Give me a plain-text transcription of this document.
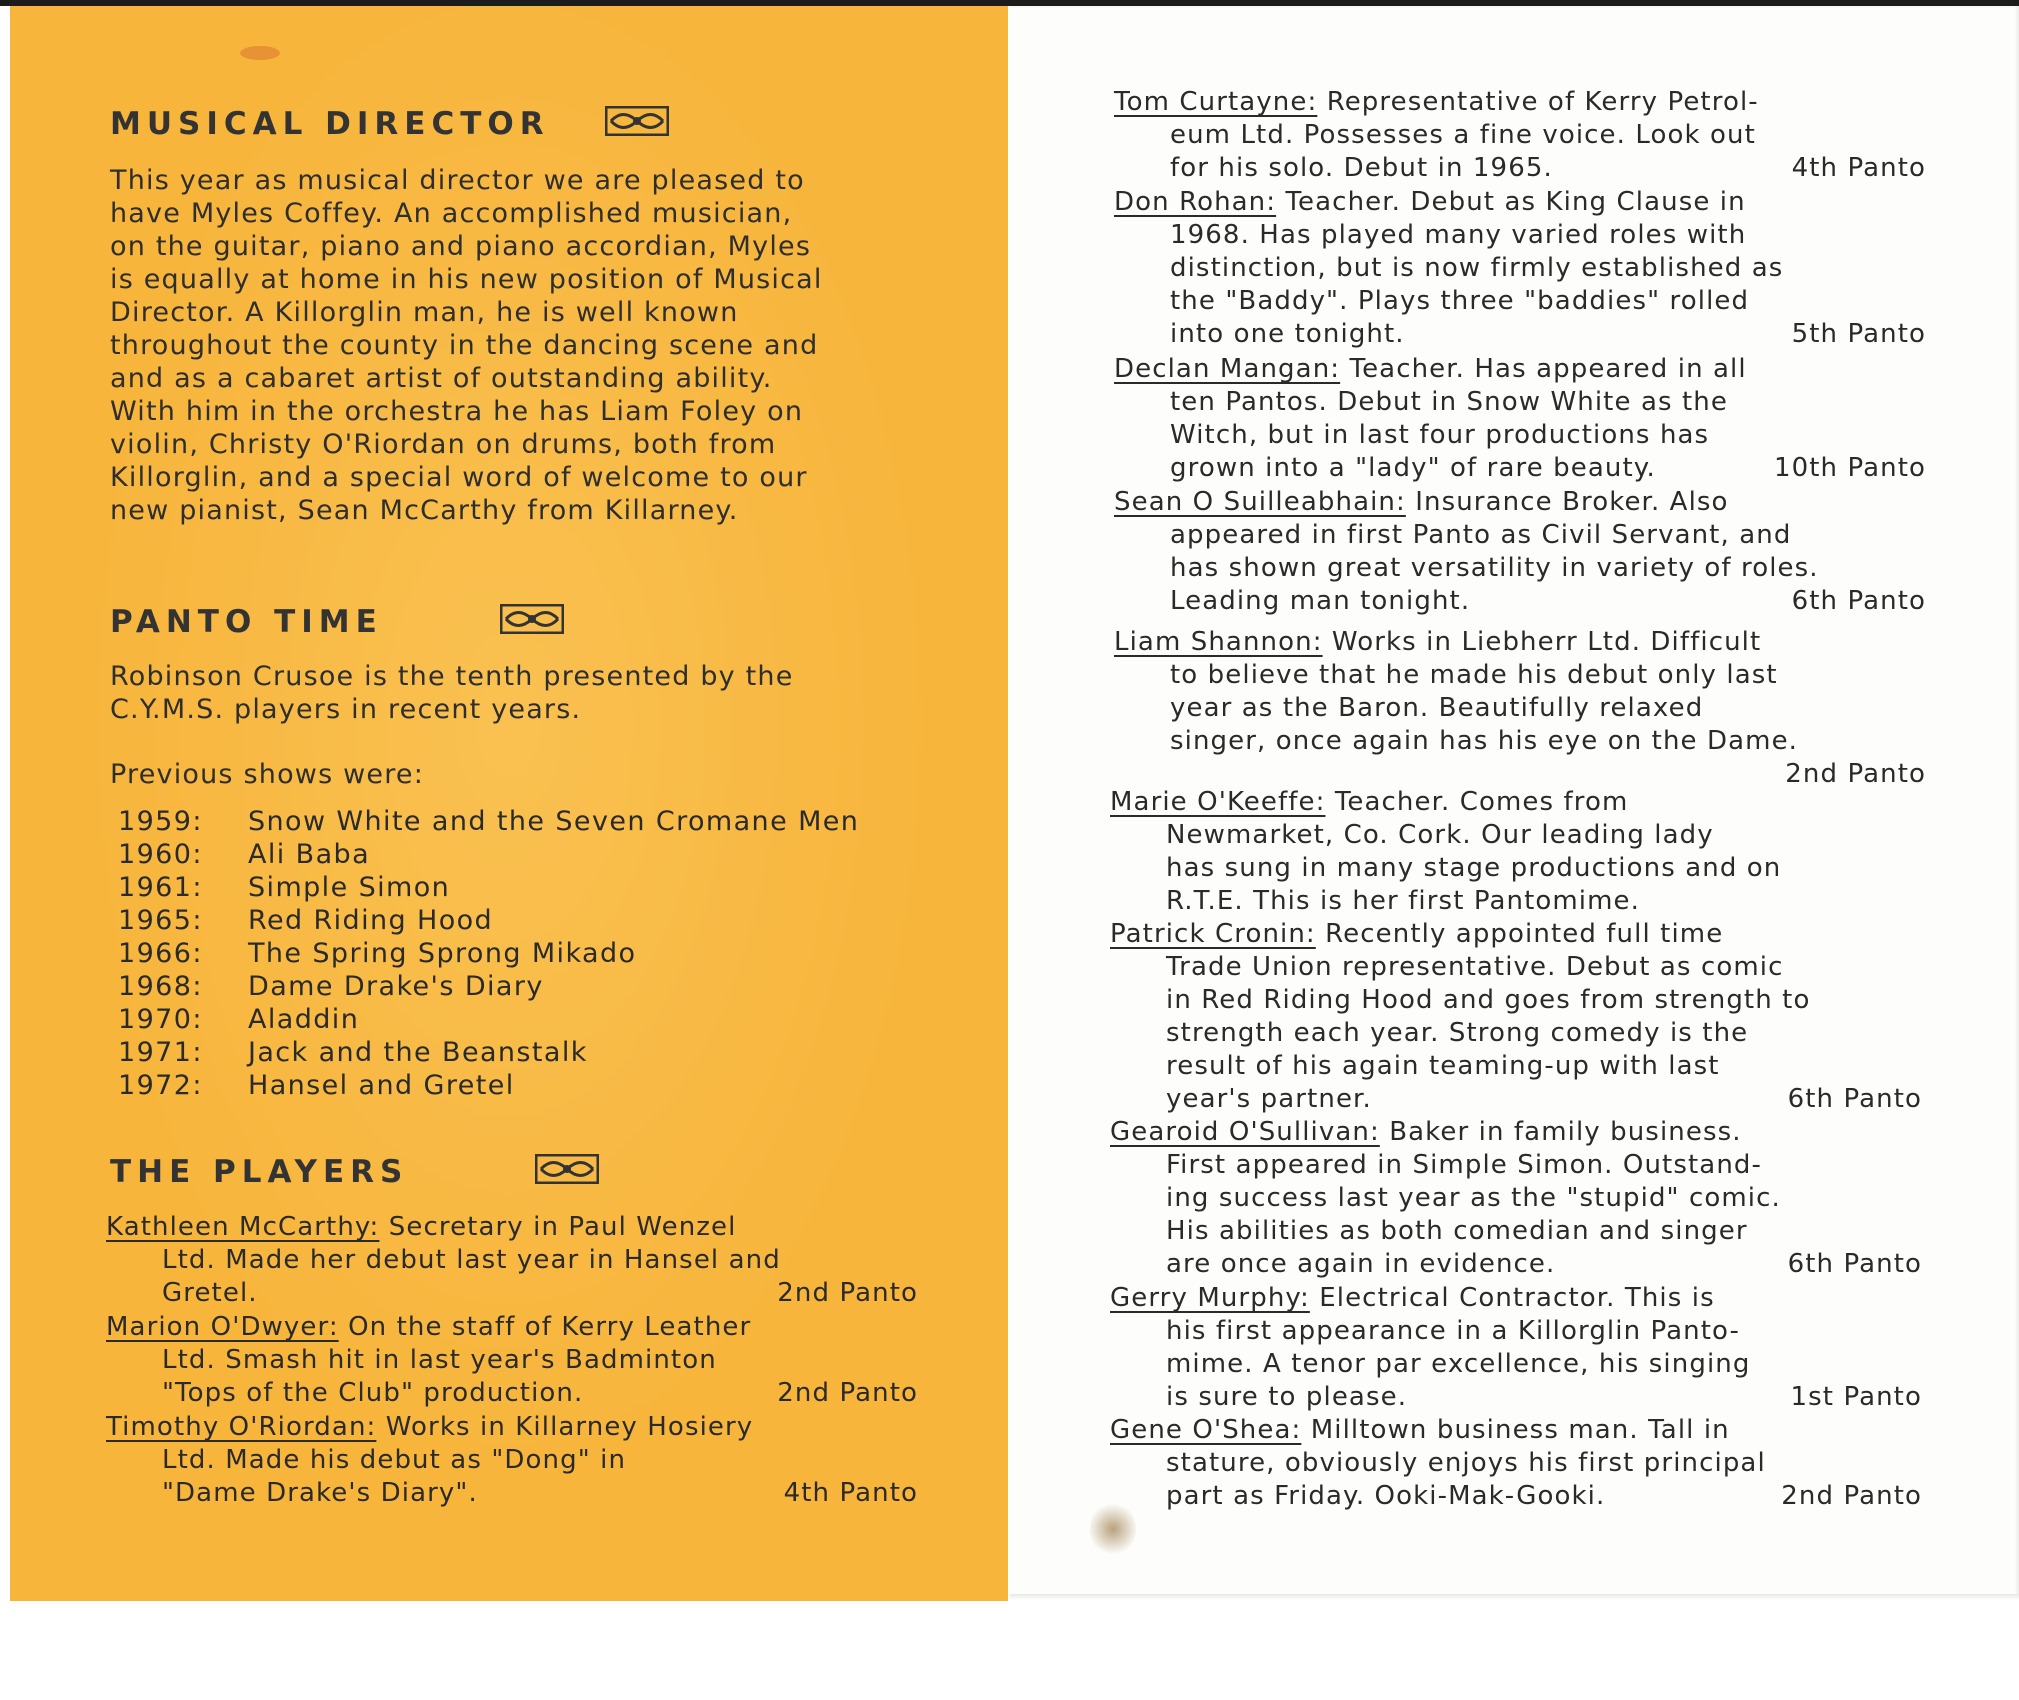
MUSICAL DIRECTOR
This year as musical director we are pleased to
have Myles Coffey. An accomplished musician,
on the guitar, piano and piano accordian, Myles
is equally at home in his new position of Musical
Director. A Killorglin man, he is well known
throughout the county in the dancing scene and
and as a cabaret artist of outstanding ability.
With him in the orchestra he has Liam Foley on
violin, Christy O'Riordan on drums, both from
Killorglin, and a special word of welcome to our
new pianist, Sean McCarthy from Killarney.
PANTO TIME
Robinson Crusoe is the tenth presented by the
C.Y.M.S. players in recent years.
Previous shows were:
1959: Snow White and the Seven Cromane Men
1960: Ali Baba
1961: Simple Simon
1965: Red Riding Hood
1966: The Spring Sprong Mikado
1968: Dame Drake's Diary
1970: Aladdin
1971: Jack and the Beanstalk
1972: Hansel and Gretel
THE PLAYERS
Kathleen McCarthy: Secretary in Paul Wenzel
Ltd. Made her debut last year in Hansel and
Gretel.	2nd Panto
Marion O'Dwyer: On the staff of Kerry Leather
Ltd. Smash hit in last year's Badminton
"Tops of the Club" production.	2nd Panto
Timothy O'Riordan: Works in Killarney Hosiery
Ltd. Made his debut as "Dong" in
"Dame Drake's Diary".	4th Panto
Tom Curtayne: Representative of Kerry Petrol-
eum Ltd. Possesses a fine voice. Look out
for his solo. Debut in 1965.	4th Panto
Don Rohan: Teacher. Debut as King Clause in
1968. Has played many varied roles with
distinction, but is now firmly established as
the "Baddy". Plays three "baddies" rolled
into one tonight.	5th Panto
Declan Mangan: Teacher. Has appeared in all
ten Pantos. Debut in Snow White as the
Witch, but in last four productions has
grown into a "lady" of rare beauty.	10th Panto
Sean O Suilleabhain: Insurance Broker. Also
appeared in first Panto as Civil Servant, and
has shown great versatility in variety of roles.
Leading man tonight.	6th Panto
Liam Shannon: Works in Liebherr Ltd. Difficult
to believe that he made his debut only last
year as the Baron. Beautifully relaxed
singer, once again has his eye on the Dame.
2nd Panto
Marie O'Keeffe: Teacher. Comes from
Newmarket, Co. Cork. Our leading lady
has sung in many stage productions and on
R.T.E. This is her first Pantomime.
Patrick Cronin: Recently appointed full time
Trade Union representative. Debut as comic
in Red Riding Hood and goes from strength to
strength each year. Strong comedy is the
result of his again teaming-up with last
year's partner.	6th Panto
Gearoid O'Sullivan: Baker in family business.
First appeared in Simple Simon. Outstand-
ing success last year as the "stupid" comic.
His abilities as both comedian and singer
are once again in evidence.	6th Panto
Gerry Murphy: Electrical Contractor. This is
his first appearance in a Killorglin Panto-
mime. A tenor par excellence, his singing
is sure to please.	1st Panto
Gene O'Shea: Milltown business man. Tall in
stature, obviously enjoys his first principal
part as Friday. Ooki-Mak-Gooki.	2nd Panto
